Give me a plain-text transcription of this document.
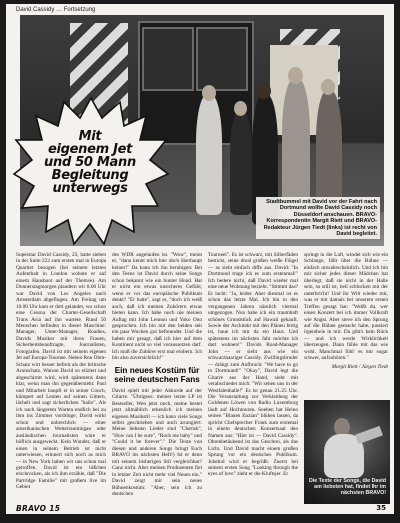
David Cassidy … Fortsetzung
Mit
eigenem Jet
und 50 Mann
Begleitung
unterwegs
Stadtbummel mit David vor der Fahrt nach Dortmund wollte David Cassidy noch Düsseldorf anschauen. BRAVO-Korrespondentin Margit Riett und BRAVO-Redakteur Jürgen Tiedt (links) ist recht von David begleitet.

Superstar David Cassidy, 23, hatte sieben in der Suite 222 zum ersten mal in Europa Quartier bezogen (bei seinem letzten Aufenthalt in London wohnte er auf einem Hausboot auf der Themse). Am Donnerstagmorgen plaudern wir 8.00 Uhr war David von Los Angeles nach Amsterdam abgeflogen. Am Freitag um 10.00 Uhr kam er dort gelandet, wo schon eine Cessna der Charter-Gesellschaft Trans Avia auf ihn wartete. Rund 50 Menschen befinden in dieser Maschine: Manager, Unter-Manager, Roadies, Davids Musiker mit ihren Frauen, Sicherheitsbeauftragte, Journalisten, Fotografen. David ist mit seinem eigenen Jet auf Europa-Tournee. Neben Ron Ohm-Schatz wirt besser befreit als der britische Aronschatz. Warum David so eilzlert und abgeschirmt wird, wird spätestens dann klar, wenn man ihn gegenübersteht: Paul und Mitarbeit haupft er in seiner Couch, kümpert auf Leuten auf seinen Gittern, lächelt und sagt sicherlichen "hallo". Als ich nach längerem Warten endlich bei zu ihm ins Zimmer vordringe, David wirkt schon und unbrechlich — einer amerikanischen Wetterraumingan oder ausländischen Journalisten wäre er höflich ausgeweckt. Kein Wunder, daß er einen in seinem Betrieb ist nicht unterwiesen, erinnert sich noch as mich — in New York haben wir uns schon mal getroffen. David ist ein bißchen erschrocken, als ich ihm erzähle, daß "Die Partridge Familie" mit großem live im Gebiet

des WDR angelaufen ist. "Wow", meint er, "dann kennt mich hier doch überhaupt keiner!" Da kann ich ihn beruhigen: Bei den Teens ist David durch seine Songs schon bekannt wie ein bunter Hund. Hat er nicht ein etwas unsicheres Gefühl, wenn er vor das europäische Publikum denkt? "Er hatte", sagt er, "doch ich weiß auch, daß ich meinen Zuhörern etwas bieten kann. Ich habe noch nie meinen Auftag mit John Lennon und Yoko Ono gesprochen. Ich bin mit den beiden seit ein paar Wochen gut befreundet. Und die haben mir gesagt, daß ich hier auf dem Kontinent nicht so viel voraussetzen darf. Ich muß die Zuhörer erst mal erobern. Ich bin also zuversichtlich!"

Ein neues Kostüm für seine deutschen Fans

David spielt mit jeder Akkorde auf der Gitarre. "Übrigens: meiner letzte LP ist Bestseller, Wen jetzt noch, meine bestel jetzt allmählich erkenlich ich meinen eigenen Musikstil — ich kann viele Songs selbst geschrieben und auch arrangiert. Meine liebsten Lieder sind "Cherish", "How can I be sure", "Rock me baby" und "Could it be forever"." Die Texte von diesen und anderen Songs bringt Euch BRAVO im nächsten Heft!) Ist er denn mit seinem bisherigen Stil vergleichbar? Ganz nicht. Aber meinen Produzenten fiel in letzter Zeit nicht mehr viel Neues ein." David zeigt mir sein neues Bühnenkostüm: "Aber, sein ich zu deutschen

Tourneel". Es ist schwarz, mit Silberfäden bestickt, seine dreal großen weiße Flügel — as sieht einfach diffe aus. David: "In Dortmund trage ich es zum erstenmal!" Ich bedere nicht, daß David wieder mal eine neue Wohnung bezieht. "Stimmt das? Er lacht: "Ja, leider. Aber diesmal ist es schon das letzte Mal. Ich bin in den vergangenen Jahren nämlich viermal umgezogen. Nun habe ich ein traumhaft schönes Grundstück auf Hawaii gekauft. Sowie der Architekt mit den Plänen fertig ist, baue ich mir da ein Haus. Und spätestens im nächsten Jahr möchte ich dort wohnen!" Davids Road-Manager John — er sieht aus wie ein schwarzhaariger Cassidy. Zwillingsbruder — drängt zum Aufbruch: "We have to go to Dortmund!" "Okay", David legt die Gitarre aus der Hand, sieht mit verabschiedet mich: "Wir sehen uns in der Westfalenhalle!" Es ist genau 21.25 Uhr. Die Veranstaltung zur Verkleidung der Goldenen Löwen von Radio Luxemburg läuft auf Hochtouren. Soeben hat Heino seinen "Blauen Enzian" blühen lassen, da spricht Chefsprecher Frank zum erstemal in einem deutschen Konzertsaal den Namen aus: "Hier ist — David Cassidy". Ohrenbetäubend ist das Geschrei, als das Licht. Und David macht einem großen Sprung vor ein deutsches Publikum. Jubelnd wird er begrüßt. Zuerst bei seinem ersten Song "Looking through the eyes of love" zieht er die Kluftsjer. Er

springt in die Luft, windet sich wie ein Schlange, fällt über die Bühne — einfach unwahrscheinlich. Und ich bin mir sicher jedes dieser Mädchen hat überlegt, daß sie nicht in der Halle sein, so still ist, heil schlucken mit der unterbricht! Und ihr Wilt wieder mir, was er mit damals bei unserem ersten Treffen gesagt hat: "Weißt du, wer einen Konzert bei ich immer Vollkraft wie Angst. Aber steve ich den Sprung auf die Bühne gemacht habe, passiert irgendwie in mir. Da gibt's kein Rück — und ich werde Wirklichkeit überzeugen. Dann fühle mit das wie wohl. Manchmal fühl' es mir sogar schwer, aufzuhören."

Margit Riett / Jürgen Tiedt
Die Texte der Songs, die David am liebsten hat, findet Ihr im nächsten BRAVO!
BRAVO 15	35
